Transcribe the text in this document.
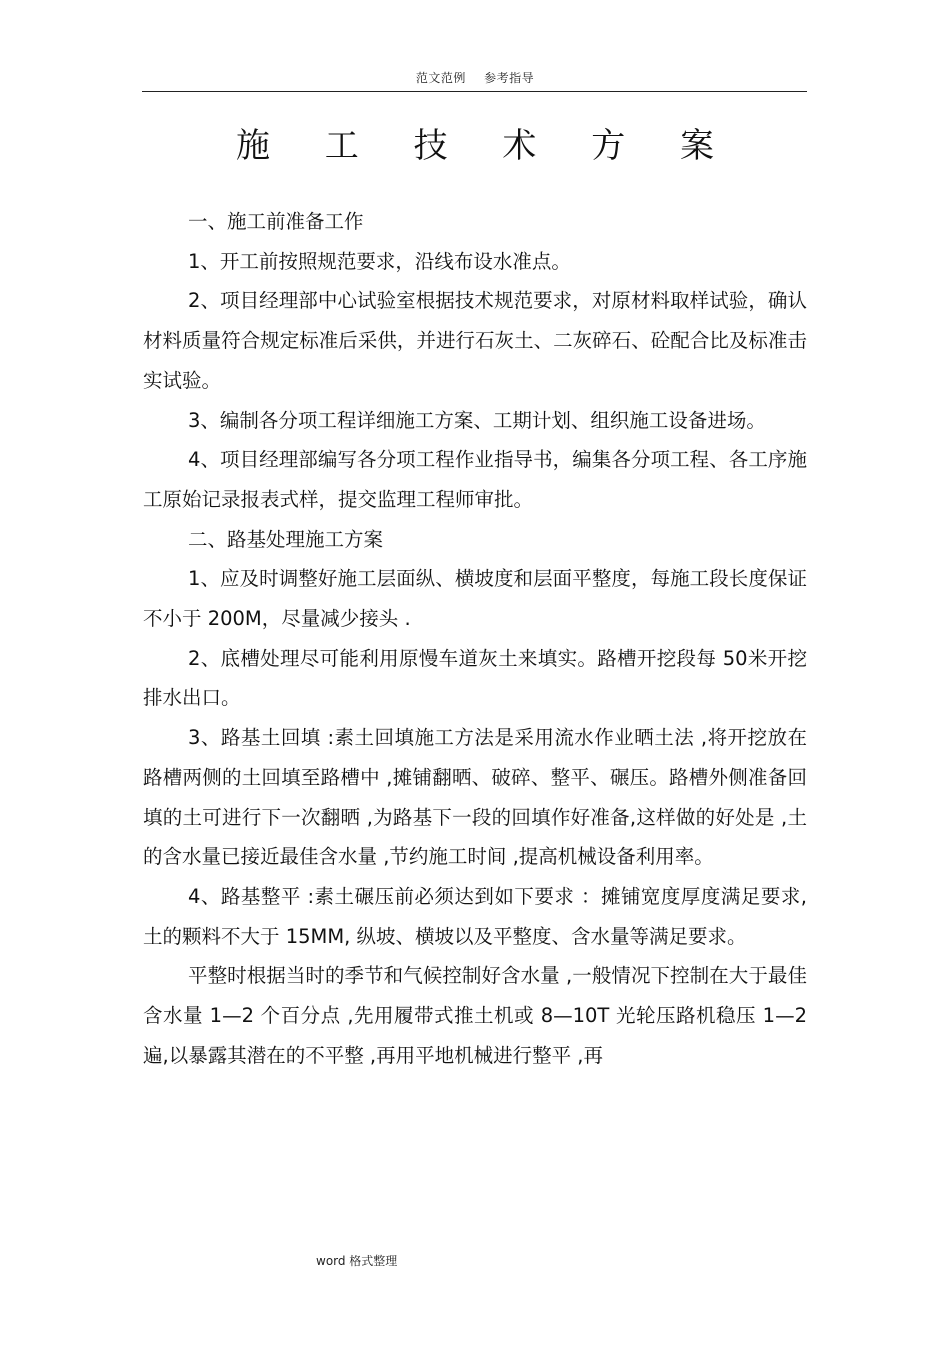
范文范例 参考指导
施 工 技 术 方 案

一、施工前准备工作

1、开工前按照规范要求，沿线布设水准点。

2、项目经理部中心试验室根据技术规范要求，对原材料取样试验，确认材料质量符合规定标准后采供，并进行石灰土、二灰碎石、砼配合比及标准击实试验。

3、编制各分项工程详细施工方案、工期计划、组织施工设备进场。

4、项目经理部编写各分项工程作业指导书，编集各分项工程、各工序施工原始记录报表式样，提交监理工程师审批。

二、路基处理施工方案

1、应及时调整好施工层面纵、横坡度和层面平整度，每施工段长度保证不小于 200M，尽量减少接头 .

2、底槽处理尽可能利用原慢车道灰土来填实。路槽开挖段每 50米开挖排水出口。

3、路基土回填 :素土回填施工方法是采用流水作业晒土法 ,将开挖放在路槽两侧的土回填至路槽中 ,摊铺翻晒、破碎、整平、碾压。路槽外侧准备回填的土可进行下一次翻晒 ,为路基下一段的回填作好准备,这样做的好处是 ,土的含水量已接近最佳含水量 ,节约施工时间 ,提高机械设备利用率。

4、路基整平 :素土碾压前必须达到如下要求 ：摊铺宽度厚度满足要求,土的颗料不大于 15MM, 纵坡、横坡以及平整度、含水量等满足要求。

平整时根据当时的季节和气候控制好含水量 ,一般情况下控制在大于最佳含水量 1—2 个百分点 ,先用履带式推土机或 8—10T 光轮压路机稳压 1—2 遍,以暴露其潜在的不平整 ,再用平地机械进行整平 ,再

word 格式整理
